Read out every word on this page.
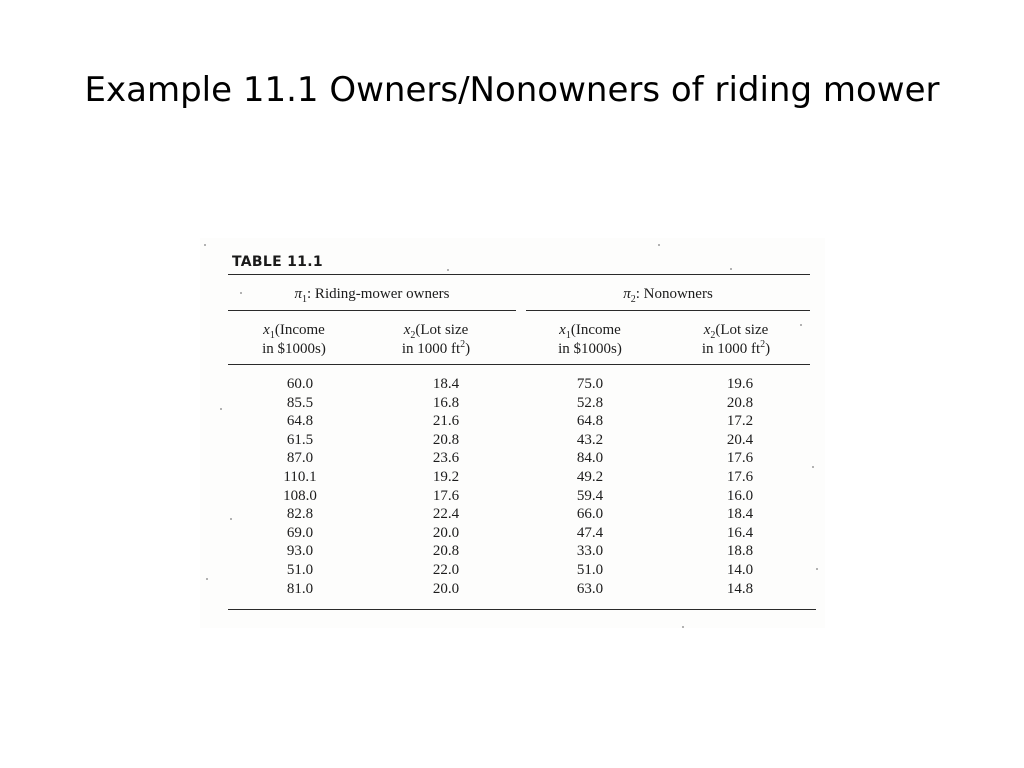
Example 11.1 Owners/Nonowners of riding mower
TABLE 11.1
$\pi_1$: Riding-mower owners	$\pi_2$: Nonowners
$x_1(Income$
in $1000s)
$x_2(Lot$ size
in 1000 $ft^2$)
$x_1(Income$
in $1000s)
$x_2(Lot$ size
in 1000 $ft^2$)
60.0
85.5
64.8
61.5
87.0
110.1
108.0
82.8
69.0
93.0
51.0
81.0
18.4
16.8
21.6
20.8
23.6
19.2
17.6
22.4
20.0
20.8
22.0
20.0
75.0
52.8
64.8
43.2
84.0
49.2
59.4
66.0
47.4
33.0
51.0
63.0
19.6
20.8
17.2
20.4
17.6
17.6
16.0
18.4
16.4
18.8
14.0
14.8
